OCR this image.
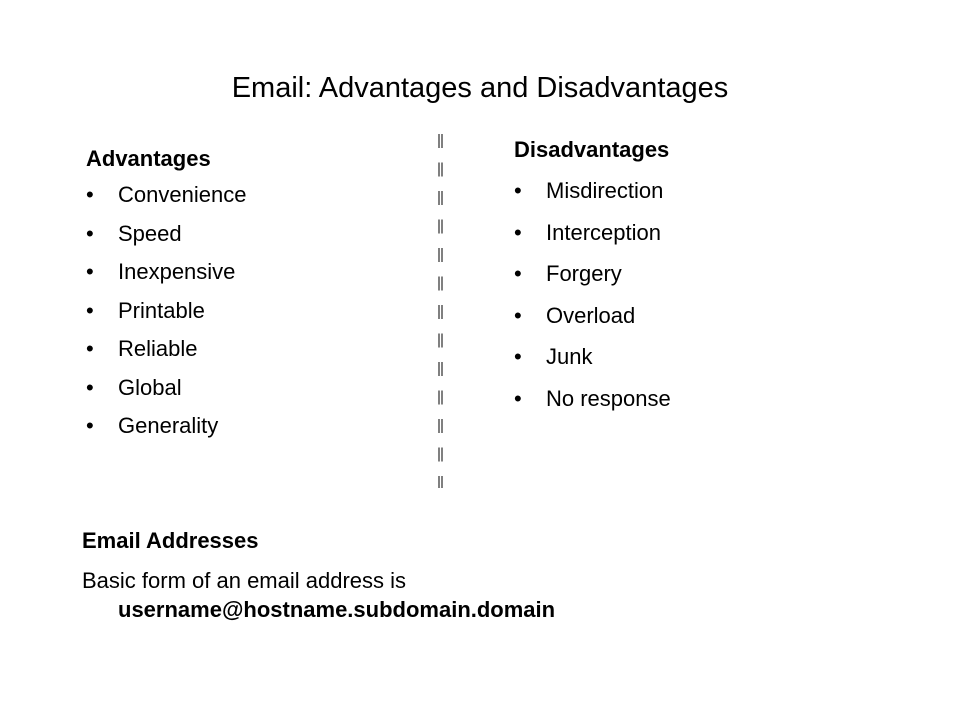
Email: Advantages and Disadvantages
Advantages
• Convenience
• Speed
• Inexpensive
• Printable
• Reliable
• Global
• Generality
Disadvantages
• Misdirection
• Interception
• Forgery
• Overload
• Junk
• No response
Email Addresses
Basic form of an email address is
username@hostname.subdomain.domain
